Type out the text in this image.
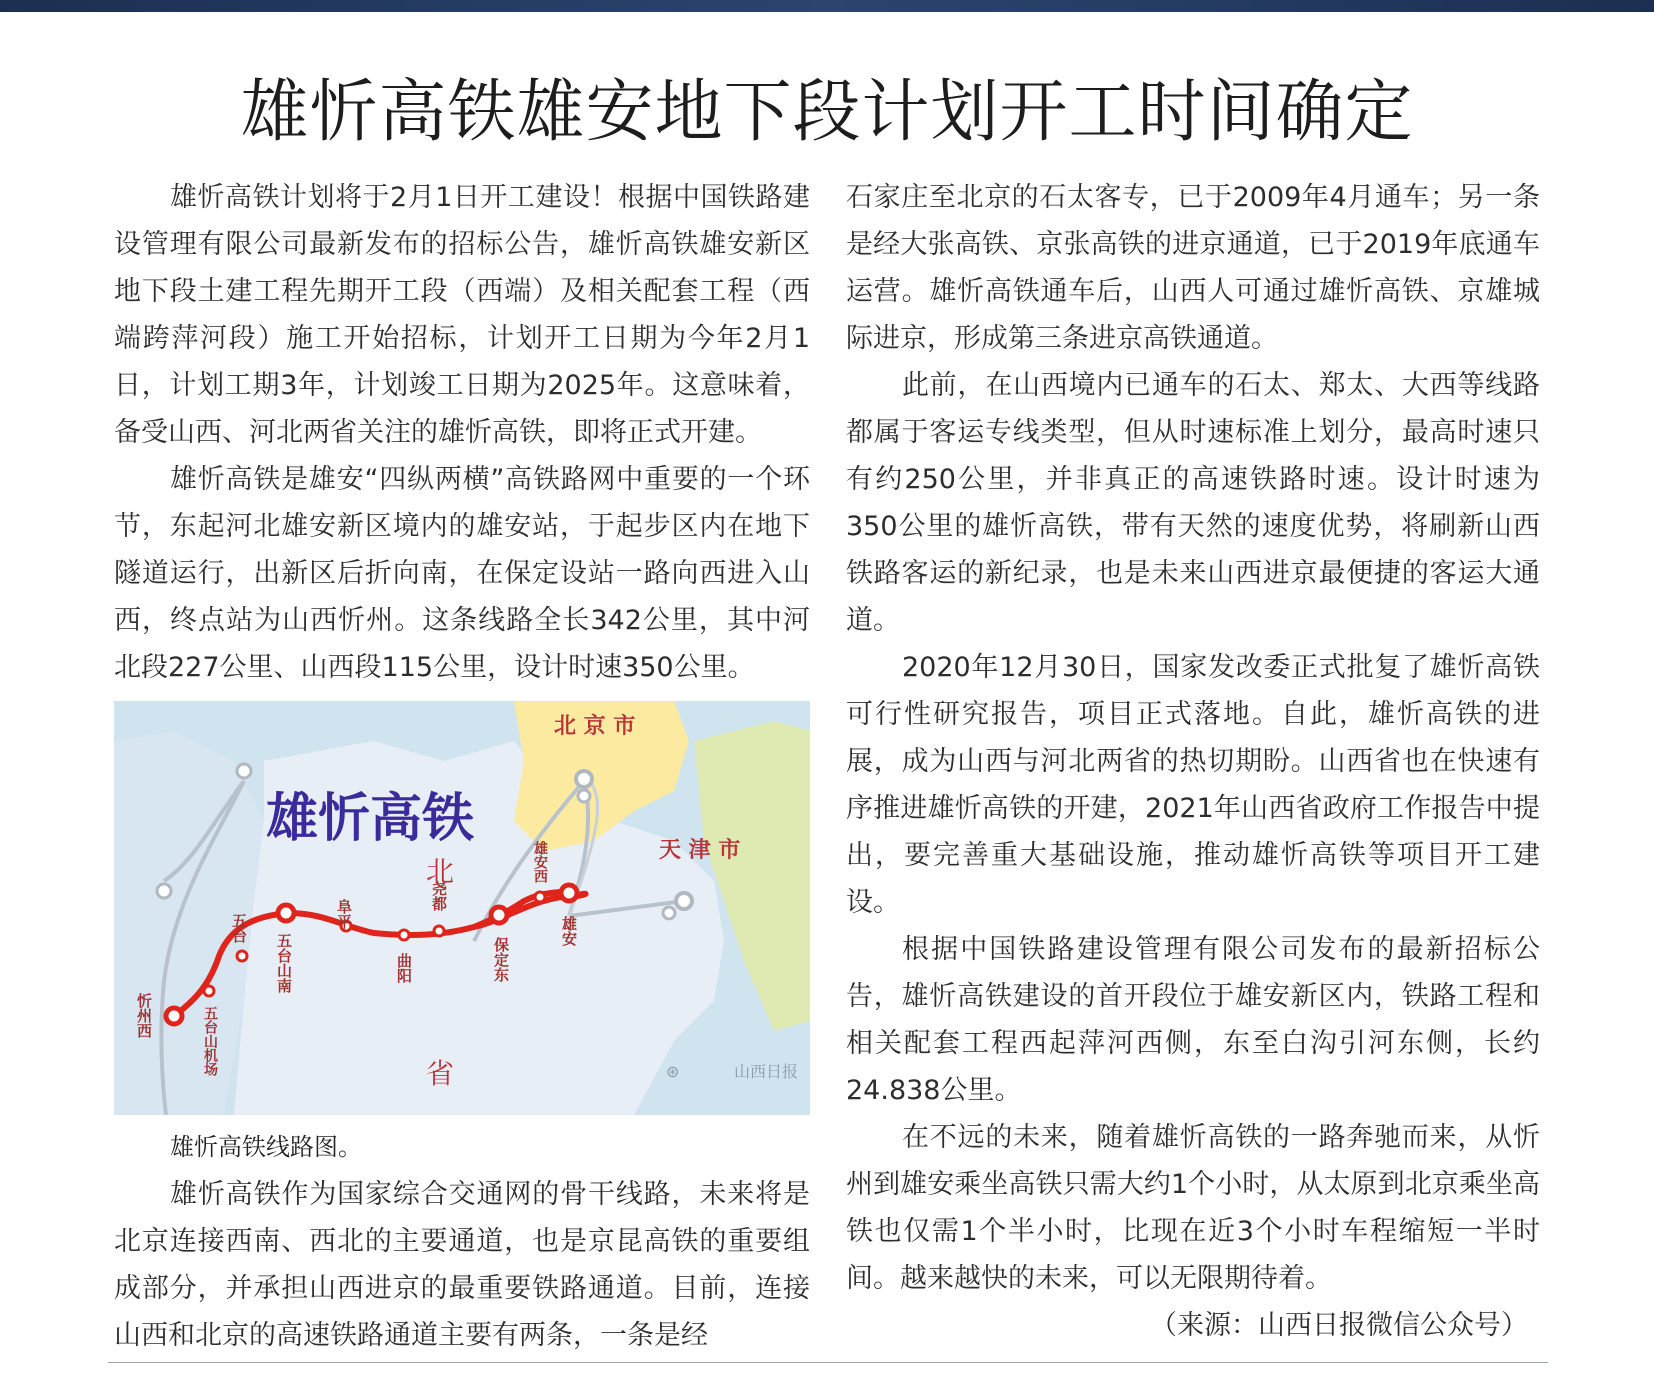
雄忻高铁雄安地下段计划开工时间确定

雄忻高铁计划将于2月1日开工建设！根据中国铁路建设管理有限公司最新发布的招标公告，雄忻高铁雄安新区地下段土建工程先期开工段（西端）及相关配套工程（西端跨萍河段）施工开始招标，计划开工日期为今年2月1日，计划工期3年，计划竣工日期为2025年。这意味着，备受山西、河北两省关注的雄忻高铁，即将正式开建。

雄忻高铁是雄安“四纵两横”高铁路网中重要的一个环节，东起河北雄安新区境内的雄安站，于起步区内在地下隧道运行，出新区后折向南，在保定设站一路向西进入山西，终点站为山西忻州。这条线路全长342公里，其中河北段227公里、山西段115公里，设计时速350公里。

雄忻高铁
北 京 市
天 津 市
北
省	山西日报
⊛
忻州西	五台山机场
五台
五台山南
阜平
曲阳
尧都
保定东
雄安西
雄安
雄忻高铁线路图。

雄忻高铁作为国家综合交通网的骨干线路，未来将是北京连接西南、西北的主要通道，也是京昆高铁的重要组成部分，并承担山西进京的最重要铁路通道。目前，连接山西和北京的高速铁路通道主要有两条，一条是经

石家庄至北京的石太客专，已于2009年4月通车；另一条是经大张高铁、京张高铁的进京通道，已于2019年底通车运营。雄忻高铁通车后，山西人可通过雄忻高铁、京雄城际进京，形成第三条进京高铁通道。

此前，在山西境内已通车的石太、郑太、大西等线路都属于客运专线类型，但从时速标准上划分，最高时速只有约250公里，并非真正的高速铁路时速。设计时速为350公里的雄忻高铁，带有天然的速度优势，将刷新山西铁路客运的新纪录，也是未来山西进京最便捷的客运大通道。

2020年12月30日，国家发改委正式批复了雄忻高铁可行性研究报告，项目正式落地。自此，雄忻高铁的进展，成为山西与河北两省的热切期盼。山西省也在快速有序推进雄忻高铁的开建，2021年山西省政府工作报告中提出，要完善重大基础设施，推动雄忻高铁等项目开工建设。

根据中国铁路建设管理有限公司发布的最新招标公告，雄忻高铁建设的首开段位于雄安新区内，铁路工程和相关配套工程西起萍河西侧，东至白沟引河东侧，长约24.838公里。

在不远的未来，随着雄忻高铁的一路奔驰而来，从忻州到雄安乘坐高铁只需大约1个小时，从太原到北京乘坐高铁也仅需1个半小时，比现在近3个小时车程缩短一半时间。越来越快的未来，可以无限期待着。

（来源：山西日报微信公众号）
